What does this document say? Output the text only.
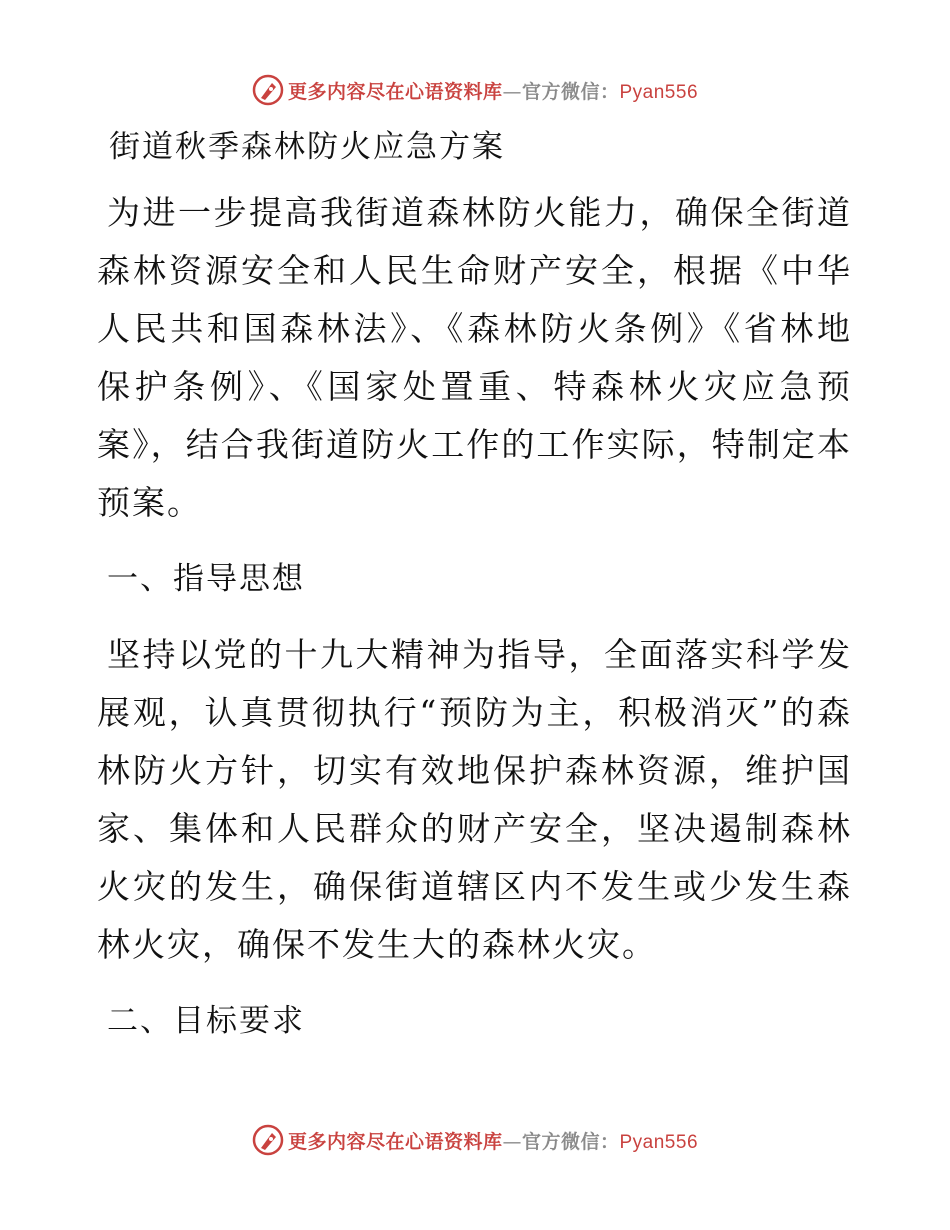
更多内容尽在心语资料库—官方微信：Pyan556
街道秋季森林防火应急方案

为进一步提高我街道森林防火能力，确保全街道森林资源安全和人民生命财产安全，根据《中华人民共和国森林法》、《森林防火条例》《省林地保护条例》、《国家处置重、特森林火灾应急预案》，结合我街道防火工作的工作实际，特制定本预案。

一、指导思想

坚持以党的十九大精神为指导，全面落实科学发展观，认真贯彻执行“预防为主，积极消灭”的森林防火方针，切实有效地保护森林资源，维护国家、集体和人民群众的财产安全，坚决遏制森林火灾的发生，确保街道辖区内不发生或少发生森林火灾，确保不发生大的森林火灾。

二、目标要求
更多内容尽在心语资料库—官方微信：Pyan556
